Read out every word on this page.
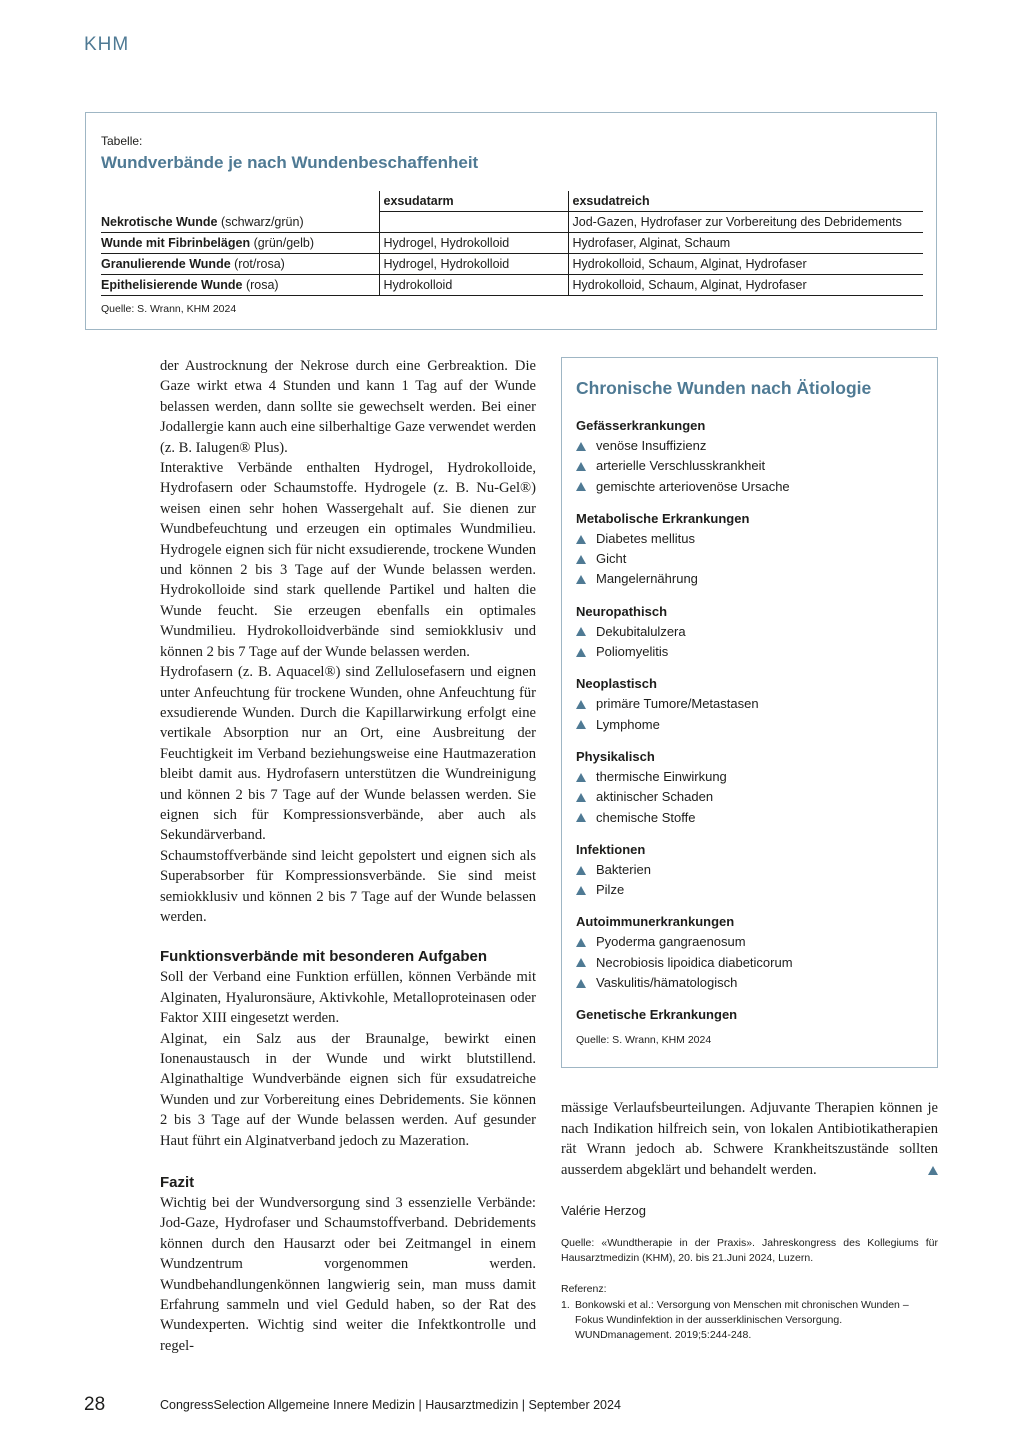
KHM
Tabelle:
Wundverbände je nach Wundenbeschaffenheit
	exsudatarm	exsudatreich
Nekrotische Wunde (schwarz/grün)		Jod-Gazen, Hydrofaser zur Vorbereitung des Debridements
Wunde mit Fibrinbelägen (grün/gelb)	Hydrogel, Hydrokolloid	Hydrofaser, Alginat, Schaum
Granulierende Wunde (rot/rosa)	Hydrogel, Hydrokolloid	Hydrokolloid, Schaum, Alginat, Hydrofaser
Epithelisierende Wunde (rosa)	Hydrokolloid	Hydrokolloid, Schaum, Alginat, Hydrofaser
Quelle: S. Wrann, KHM 2024

der Austrocknung der Nekrose durch eine Gerbreaktion. Die Gaze wirkt etwa 4 Stunden und kann 1 Tag auf der Wunde belassen werden, dann sollte sie gewechselt werden. Bei einer Jodallergie kann auch eine silberhaltige Gaze verwendet werden (z. B. Ialugen® Plus).

Interaktive Verbände enthalten Hydrogel, Hydrokolloide, Hydrofasern oder Schaumstoffe. Hydrogele (z. B. Nu-Gel®) weisen einen sehr hohen Wassergehalt auf. Sie dienen zur Wundbefeuchtung und erzeugen ein optimales Wundmilieu. Hydrogele eignen sich für nicht exsudierende, trockene Wunden und können 2 bis 3 Tage auf der Wunde belassen werden. Hydrokolloide sind stark quellende Partikel und halten die Wunde feucht. Sie erzeugen ebenfalls ein optimales Wundmilieu. Hydrokolloidverbände sind semiokklusiv und können 2 bis 7 Tage auf der Wunde belassen werden.

Hydrofasern (z. B. Aquacel®) sind Zellulosefasern und eignen unter Anfeuchtung für trockene Wunden, ohne Anfeuchtung für exsudierende Wunden. Durch die Kapillarwirkung erfolgt eine vertikale Absorption nur an Ort, eine Ausbreitung der Feuchtigkeit im Verband beziehungsweise eine Hautmazeration bleibt damit aus. Hydrofasern unterstützen die Wundreinigung und können 2 bis 7 Tage auf der Wunde belassen werden. Sie eignen sich für Kompressionsverbände, aber auch als Sekundärverband.

Schaumstoffverbände sind leicht gepolstert und eignen sich als Superabsorber für Kompressionsverbände. Sie sind meist semiokklusiv und können 2 bis 7 Tage auf der Wunde belassen werden.

Funktionsverbände mit besonderen Aufgaben

Soll der Verband eine Funktion erfüllen, können Verbände mit Alginaten, Hyaluronsäure, Aktivkohle, Metalloproteinasen oder Faktor XIII eingesetzt werden.

Alginat, ein Salz aus der Braunalge, bewirkt einen Ionenaustausch in der Wunde und wirkt blutstillend. Alginathaltige Wundverbände eignen sich für exsudatreiche Wunden und zur Vorbereitung eines Debridements. Sie können 2 bis 3 Tage auf der Wunde belassen werden. Auf gesunder Haut führt ein Alginatverband jedoch zu Mazeration.

Fazit

Wichtig bei der Wundversorgung sind 3 essenzielle Verbände: Jod-Gaze, Hydrofaser und Schaumstoffverband. Debridements können durch den Hausarzt oder bei Zeitmangel in einem Wundzentrum vorgenommen werden. Wundbehandlungenkönnen langwierig sein, man muss damit Erfahrung sammeln und viel Geduld haben, so der Rat des Wundexperten. Wichtig sind weiter die Infektkontrolle und regel-

Chronische Wunden nach Ätiologie
Gefässerkrankungen
venöse Insuffizienz
arterielle Verschlusskrankheit
gemischte arteriovenöse Ursache
Metabolische Erkrankungen
Diabetes mellitus
Gicht
Mangelernährung
Neuropathisch
Dekubitalulzera
Poliomyelitis
Neoplastisch
primäre Tumore/Metastasen
Lymphome
Physikalisch
thermische Einwirkung
aktinischer Schaden
chemische Stoffe
Infektionen
Bakterien
Pilze
Autoimmunerkrankungen
Pyoderma gangraenosum
Necrobiosis lipoidica diabeticorum
Vaskulitis/hämatologisch
Genetische Erkrankungen
Quelle: S. Wrann, KHM 2024

mässige Verlaufsbeurteilungen. Adjuvante Therapien können je nach Indikation hilfreich sein, von lokalen Antibiotikatherapien rät Wrann jedoch ab. Schwere Krankheitszustände sollten ausserdem abgeklärt und behandelt werden.

Valérie Herzog
Quelle: «Wundtherapie in der Praxis». Jahreskongress des Kollegiums für Hausarztmedizin (KHM), 20. bis 21.Juni 2024, Luzern.
Referenz:
1. Bonkowski et al.: Versorgung von Menschen mit chronischen Wunden – Fokus Wundinfektion in der ausserklinischen Versorgung. WUNDmanagement. 2019;5:244-248.
28	CongressSelection Allgemeine Innere Medizin | Hausarztmedizin | September 2024
